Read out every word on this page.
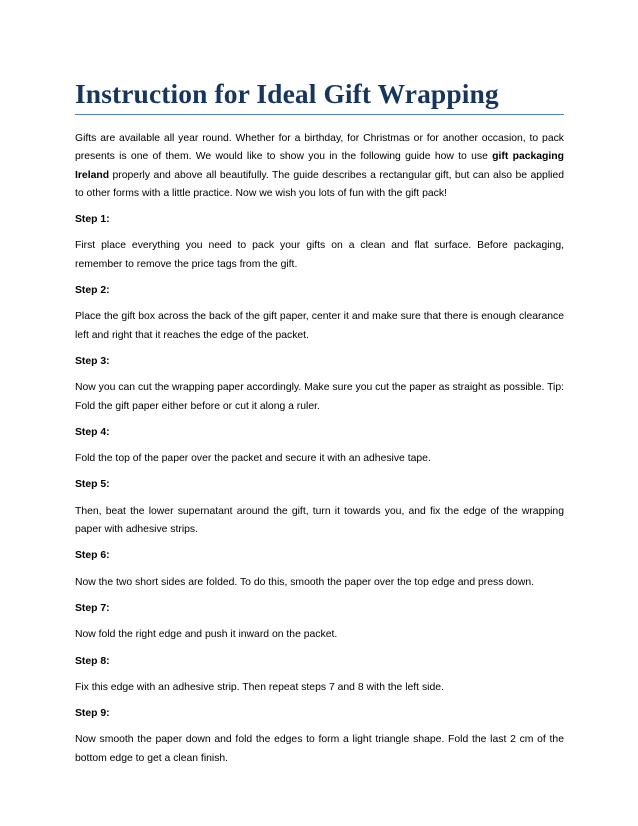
Instruction for Ideal Gift Wrapping

Gifts are available all year round. Whether for a birthday, for Christmas or for another occasion, to pack presents is one of them. We would like to show you in the following guide how to use gift packaging Ireland properly and above all beautifully. The guide describes a rectangular gift, but can also be applied to other forms with a little practice. Now we wish you lots of fun with the gift pack!

Step 1:

First place everything you need to pack your gifts on a clean and flat surface. Before packaging, remember to remove the price tags from the gift.

Step 2:

Place the gift box across the back of the gift paper, center it and make sure that there is enough clearance left and right that it reaches the edge of the packet.

Step 3:

Now you can cut the wrapping paper accordingly. Make sure you cut the paper as straight as possible. Tip: Fold the gift paper either before or cut it along a ruler.

Step 4:

Fold the top of the paper over the packet and secure it with an adhesive tape.

Step 5:

Then, beat the lower supernatant around the gift, turn it towards you, and fix the edge of the wrapping paper with adhesive strips.

Step 6:

Now the two short sides are folded. To do this, smooth the paper over the top edge and press down.

Step 7:

Now fold the right edge and push it inward on the packet.

Step 8:

Fix this edge with an adhesive strip. Then repeat steps 7 and 8 with the left side.

Step 9:

Now smooth the paper down and fold the edges to form a light triangle shape. Fold the last 2 cm of the bottom edge to get a clean finish.
